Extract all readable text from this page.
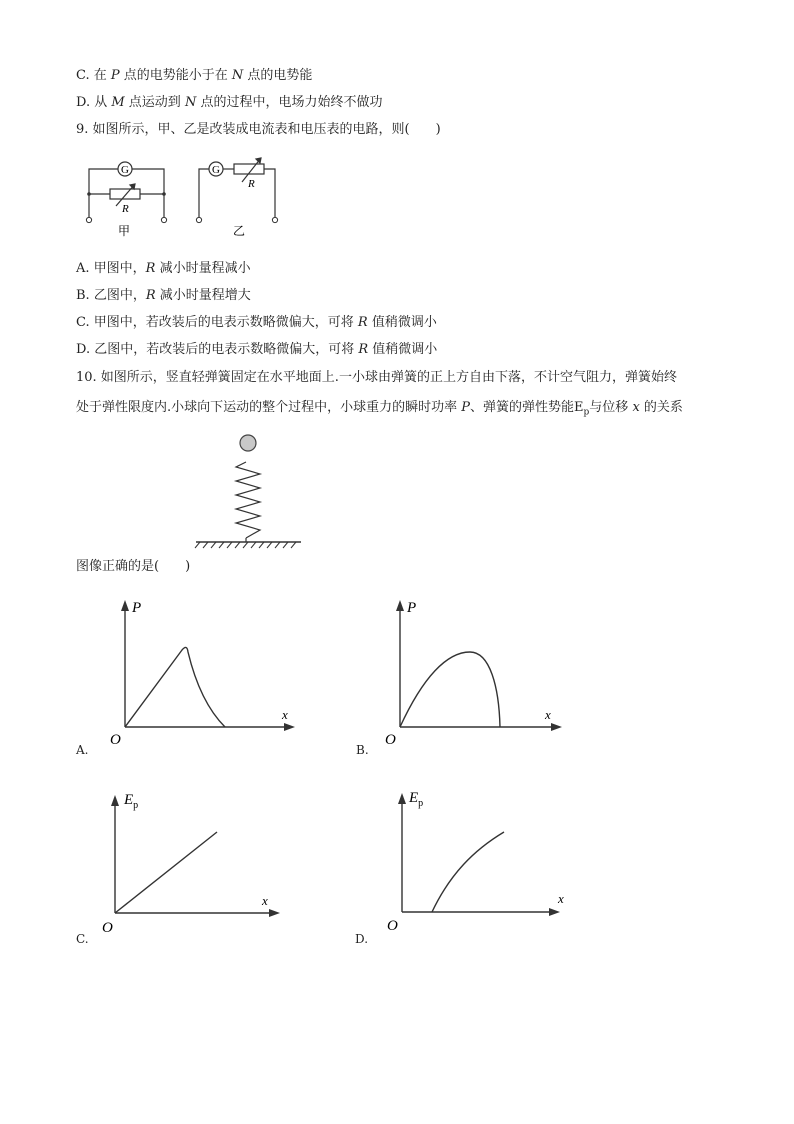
C. 在 P 点的电势能小于在 N 点的电势能
D. 从 M 点运动到 N 点的过程中，电场力始终不做功
9. 如图所示，甲、乙是改装成电流表和电压表的电路，则(　　)
G
R
甲
G
R
乙
A. 甲图中，R 减小时量程减小
B. 乙图中，R 减小时量程增大
C. 甲图中，若改装后的电表示数略微偏大，可将 R 值稍微调小
D. 乙图中，若改装后的电表示数略微偏大，可将 R 值稍微调小
10. 如图所示，竖直轻弹簧固定在水平地面上.一小球由弹簧的正上方自由下落，不计空气阻力，弹簧始终
处于弹性限度内.小球向下运动的整个过程中，小球重力的瞬时功率 P、弹簧的弹性势能$E_p$与位移 x 的关系
图像正确的是(　　)
P
x
O
A.
P
x
O
B.
$E_p$
x
O
C.
$E_p$
x
O
D.
